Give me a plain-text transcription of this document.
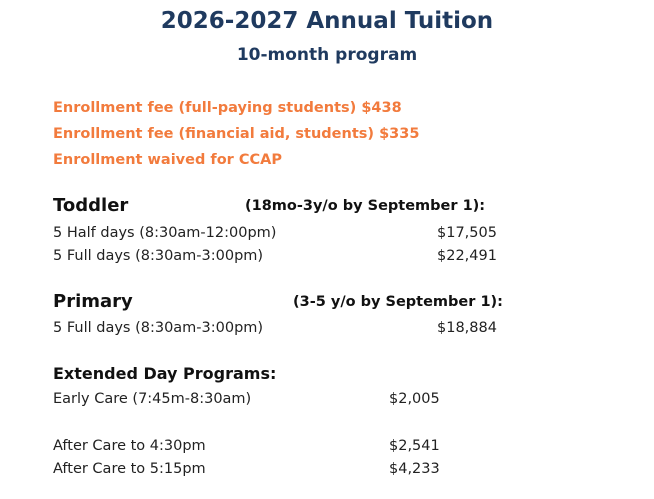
2026-2027 Annual Tuition
10-month program
Enrollment fee (full-paying students) $438
Enrollment fee (financial aid, students) $335
Enrollment waived for CCAP
Toddler	(18mo-3y/o by September 1):
5 Half days (8:30am-12:00pm)	$17,505
5 Full days (8:30am-3:00pm)	$22,491
Primary	(3-5 y/o by September 1):
5 Full days (8:30am-3:00pm)	$18,884
Extended Day Programs:
Early Care (7:45m-8:30am)	$2,005
After Care to 4:30pm	$2,541
After Care to 5:15pm	$4,233
